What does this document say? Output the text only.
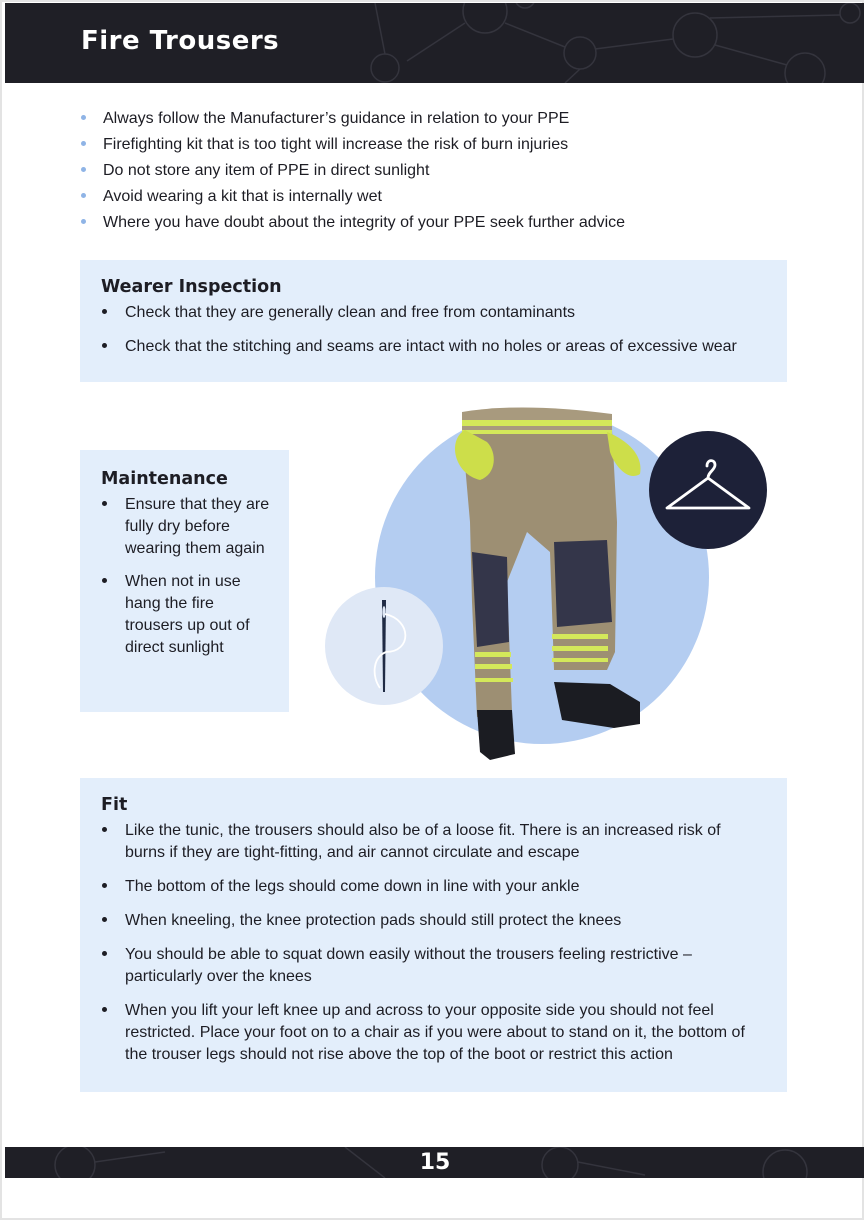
Fire Trousers
Always follow the Manufacturer’s guidance in relation to your PPE
Firefighting kit that is too tight will increase the risk of burn injuries
Do not store any item of PPE in direct sunlight
Avoid wearing a kit that is internally wet
Where you have doubt about the integrity of your PPE seek further advice
Wearer Inspection
Check that they are generally clean and free from contaminants
Check that the stitching and seams are intact with no holes or areas of excessive wear
Maintenance
Ensure that they are fully dry before wearing them again
When not in use hang the fire trousers up out of direct sunlight
Fit
Like the tunic, the trousers should also be of a loose fit. There is an increased risk of burns if they are tight-fitting, and air cannot circulate and escape
The bottom of the legs should come down in line with your ankle
When kneeling, the knee protection pads should still protect the knees
You should be able to squat down easily without the trousers feeling restrictive – particularly over the knees
When you lift your left knee up and across to your opposite side you should not feel restricted. Place your foot on to a chair as if you were about to stand on it, the bottom of the trouser legs should not rise above the top of the boot or restrict this action
15
